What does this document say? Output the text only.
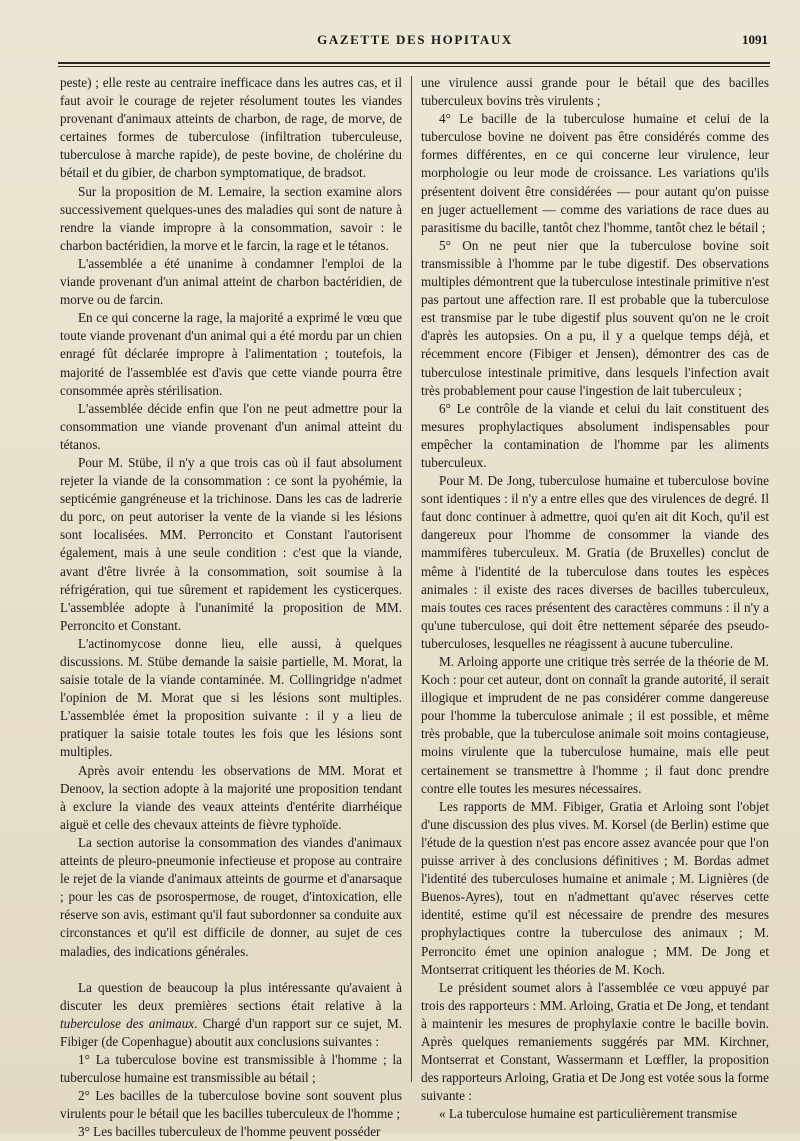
GAZETTE DES HOPITAUX	1091

peste) ; elle reste au centraire inefficace dans les autres cas, et il faut avoir le courage de rejeter résolument toutes les viandes provenant d'animaux atteints de charbon, de rage, de morve, de certaines formes de tuberculose (infiltration tuberculeuse, tuberculose à marche rapide), de peste bovine, de cholérine du bétail et du gibier, de charbon symptomatique, de bradsot.

Sur la proposition de M. Lemaire, la section examine alors successivement quelques-unes des maladies qui sont de nature à rendre la viande impropre à la consommation, savoir : le charbon bactéridien, la morve et le farcin, la rage et le tétanos.

L'assemblée a été unanime à condamner l'emploi de la viande provenant d'un animal atteint de charbon bactéridien, de morve ou de farcin.

En ce qui concerne la rage, la majorité a exprimé le vœu que toute viande provenant d'un animal qui a été mordu par un chien enragé fût déclarée impropre à l'alimentation ; toutefois, la majorité de l'assemblée est d'avis que cette viande pourra être consommée après stérilisation.

L'assemblée décide enfin que l'on ne peut admettre pour la consommation une viande provenant d'un animal atteint du tétanos.

Pour M. Stübe, il n'y a que trois cas où il faut absolument rejeter la viande de la consommation : ce sont la pyohémie, la septicémie gangréneuse et la trichinose. Dans les cas de ladrerie du porc, on peut autoriser la vente de la viande si les lésions sont localisées. MM. Perroncito et Constant l'autorisent également, mais à une seule condition : c'est que la viande, avant d'être livrée à la consommation, soit soumise à la réfrigération, qui tue sûrement et rapidement les cysticerques. L'assemblée adopte à l'unanimité la proposition de MM. Perroncito et Constant.

L'actinomycose donne lieu, elle aussi, à quelques discussions. M. Stübe demande la saisie partielle, M. Morat, la saisie totale de la viande contaminée. M. Collingridge n'admet l'opinion de M. Morat que si les lésions sont multiples. L'assemblée émet la proposition suivante : il y a lieu de pratiquer la saisie totale toutes les fois que les lésions sont multiples.

Après avoir entendu les observations de MM. Morat et Denoov, la section adopte à la majorité une proposition tendant à exclure la viande des veaux atteints d'entérite diarrhéique aiguë et celle des chevaux atteints de fièvre typhoïde.

La section autorise la consommation des viandes d'animaux atteints de pleuro-pneumonie infectieuse et propose au contraire le rejet de la viande d'animaux atteints de gourme et d'anarsaque ; pour les cas de psorospermose, de rouget, d'intoxication, elle réserve son avis, estimant qu'il faut subordonner sa conduite aux circonstances et qu'il est difficile de donner, au sujet de ces maladies, des indications générales.

La question de beaucoup la plus intéressante qu'avaient à discuter les deux premières sections était relative à la tuberculose des animaux. Chargé d'un rapport sur ce sujet, M. Fibiger (de Copenhague) aboutit aux conclusions suivantes :

1° La tuberculose bovine est transmissible à l'homme ; la tuberculose humaine est transmissible au bétail ;

2° Les bacilles de la tuberculose bovine sont souvent plus virulents pour le bétail que les bacilles tuberculeux de l'homme ;

3° Les bacilles tuberculeux de l'homme peuvent posséder

une virulence aussi grande pour le bétail que des bacilles tuberculeux bovins très virulents ;

4° Le bacille de la tuberculose humaine et celui de la tuberculose bovine ne doivent pas être considérés comme des formes différentes, en ce qui concerne leur virulence, leur morphologie ou leur mode de croissance. Les variations qu'ils présentent doivent être considérées — pour autant qu'on puisse en juger actuellement — comme des variations de race dues au parasitisme du bacille, tantôt chez l'homme, tantôt chez le bétail ;

5° On ne peut nier que la tuberculose bovine soit transmissible à l'homme par le tube digestif. Des observations multiples démontrent que la tuberculose intestinale primitive n'est pas partout une affection rare. Il est probable que la tuberculose est transmise par le tube digestif plus souvent qu'on ne le croit d'après les autopsies. On a pu, il y a quelque temps déjà, et récemment encore (Fibiger et Jensen), démontrer des cas de tuberculose intestinale primitive, dans lesquels l'infection avait très probablement pour cause l'ingestion de lait tuberculeux ;

6° Le contrôle de la viande et celui du lait constituent des mesures prophylactiques absolument indispensables pour empêcher la contamination de l'homme par les aliments tuberculeux.

Pour M. De Jong, tuberculose humaine et tuberculose bovine sont identiques : il n'y a entre elles que des virulences de degré. Il faut donc continuer à admettre, quoi qu'en ait dit Koch, qu'il est dangereux pour l'homme de consommer la viande des mammifères tuberculeux. M. Gratia (de Bruxelles) conclut de même à l'identité de la tuberculose dans toutes les espèces animales : il existe des races diverses de bacilles tuberculeux, mais toutes ces races présentent des caractères communs : il n'y a qu'une tuberculose, qui doit être nettement séparée des pseudo-tuberculoses, lesquelles ne réagissent à aucune tuberculine.

M. Arloing apporte une critique très serrée de la théorie de M. Koch : pour cet auteur, dont on connaît la grande autorité, il serait illogique et imprudent de ne pas considérer comme dangereuse pour l'homme la tuberculose animale ; il est possible, et même très probable, que la tuberculose animale soit moins contagieuse, moins virulente que la tuberculose humaine, mais elle peut certainement se transmettre à l'homme ; il faut donc prendre contre elle toutes les mesures nécessaires.

Les rapports de MM. Fibiger, Gratia et Arloing sont l'objet d'une discussion des plus vives. M. Korsel (de Berlin) estime que l'étude de la question n'est pas encore assez avancée pour que l'on puisse arriver à des conclusions définitives ; M. Bordas admet l'identité des tuberculoses humaine et animale ; M. Lignières (de Buenos-Ayres), tout en n'admettant qu'avec réserves cette identité, estime qu'il est nécessaire de prendre des mesures prophylactiques contre la tuberculose des animaux ; M. Perroncito émet une opinion analogue ; MM. De Jong et Montserrat critiquent les théories de M. Koch.

Le président soumet alors à l'assemblée ce vœu appuyé par trois des rapporteurs : MM. Arloing, Gratia et De Jong, et tendant à maintenir les mesures de prophylaxie contre le bacille bovin. Après quelques remaniements suggérés par MM. Kirchner, Montserrat et Constant, Wassermann et Lœffler, la proposition des rapporteurs Arloing, Gratia et De Jong est votée sous la forme suivante :

« La tuberculose humaine est particulièrement transmise
